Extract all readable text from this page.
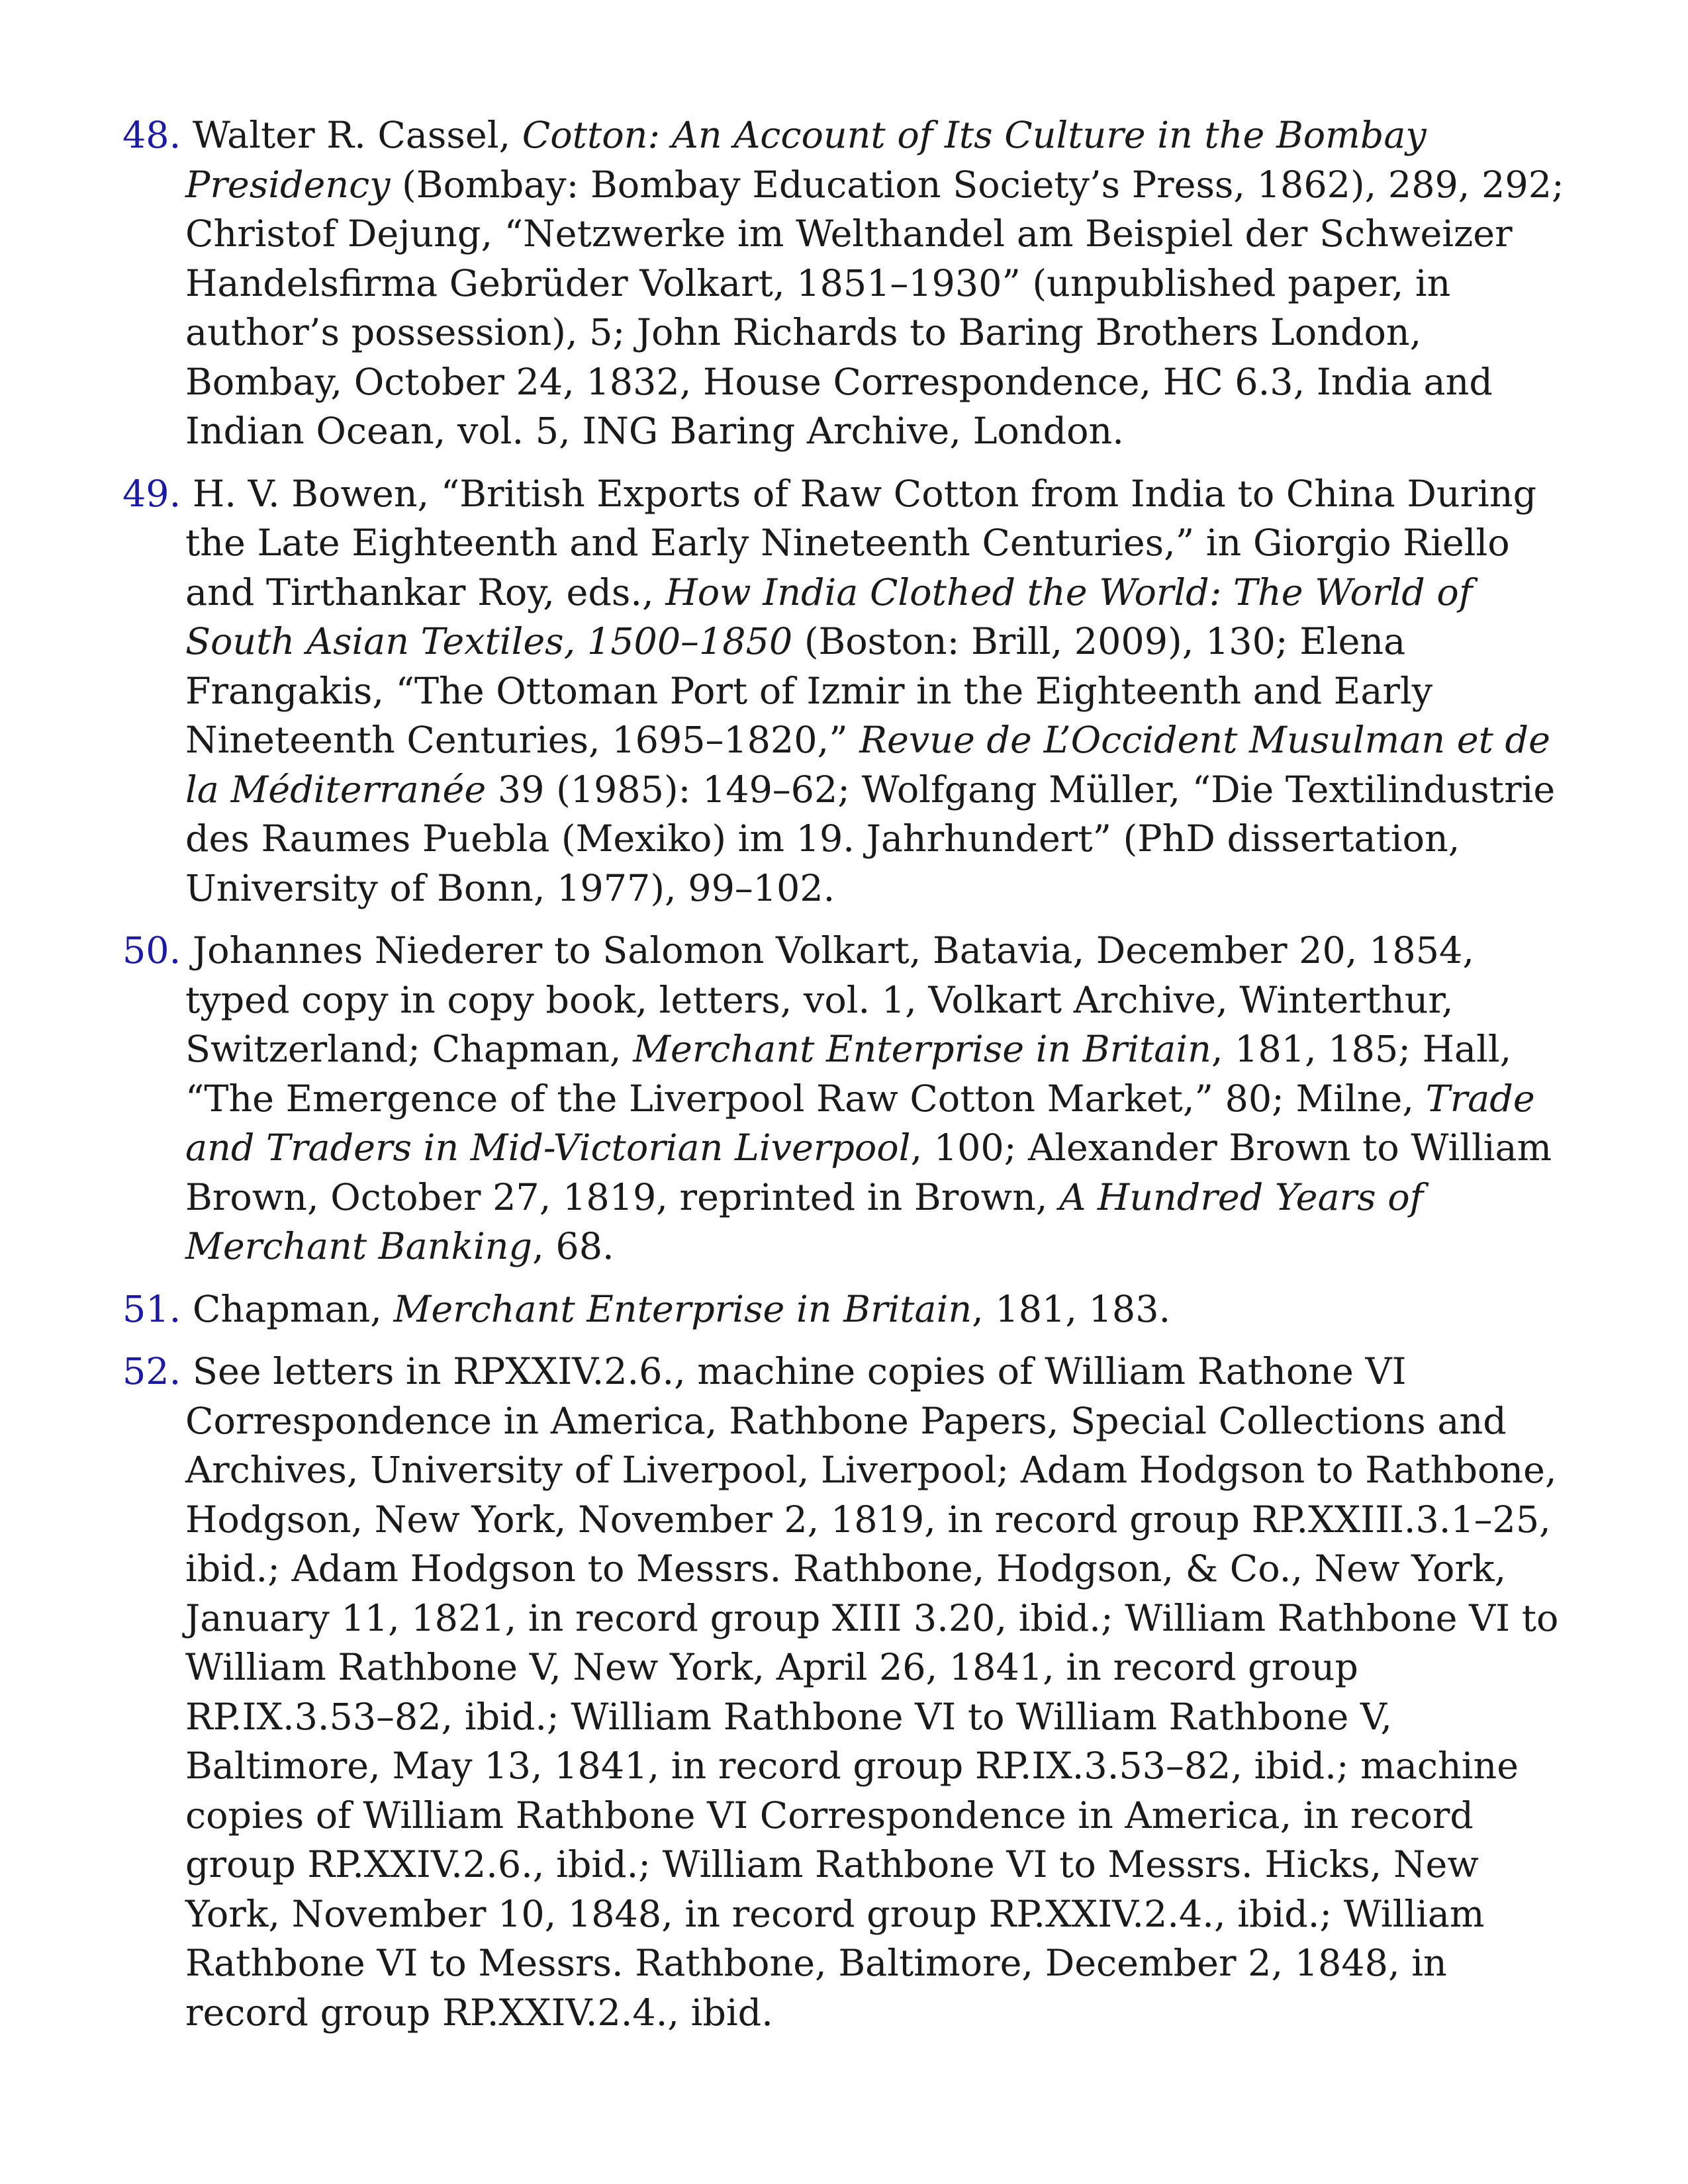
48. Walter R. Cassel, Cotton: An Account of Its Culture in the Bombay Presidency (Bombay: Bombay Education Society’s Press, 1862), 289, 292; Christof Dejung, “Netzwerke im Welthandel am Beispiel der Schweizer Handelsfirma Gebrüder Volkart, 1851–1930” (unpublished paper, in author’s possession), 5; John Richards to Baring Brothers London, Bombay, October 24, 1832, House Correspondence, HC 6.3, India and Indian Ocean, vol. 5, ING Baring Archive, London.
49. H. V. Bowen, “British Exports of Raw Cotton from India to China During the Late Eighteenth and Early Nineteenth Centuries,” in Giorgio Riello and Tirthankar Roy, eds., How India Clothed the World: The World of South Asian Textiles, 1500–1850 (Boston: Brill, 2009), 130; Elena Frangakis, “The Ottoman Port of Izmir in the Eighteenth and Early Nineteenth Centuries, 1695–1820,” Revue de L’Occident Musulman et de la Méditerranée 39 (1985): 149–62; Wolfgang Müller, “Die Textilindustrie des Raumes Puebla (Mexiko) im 19. Jahrhundert” (PhD dissertation, University of Bonn, 1977), 99–102.
50. Johannes Niederer to Salomon Volkart, Batavia, December 20, 1854, typed copy in copy book, letters, vol. 1, Volkart Archive, Winterthur, Switzerland; Chapman, Merchant Enterprise in Britain, 181, 185; Hall, “The Emergence of the Liverpool Raw Cotton Market,” 80; Milne, Trade and Traders in Mid-Victorian Liverpool, 100; Alexander Brown to William Brown, October 27, 1819, reprinted in Brown, A Hundred Years of Merchant Banking, 68.
51. Chapman, Merchant Enterprise in Britain, 181, 183.
52. See letters in RPXXIV.2.6., machine copies of William Rathone VI Correspondence in America, Rathbone Papers, Special Collections and Archives, University of Liverpool, Liverpool; Adam Hodgson to Rathbone, Hodgson, New York, November 2, 1819, in record group RP.XXIII.3.1–25, ibid.; Adam Hodgson to Messrs. Rathbone, Hodgson, & Co., New York, January 11, 1821, in record group XIII 3.20, ibid.; William Rathbone VI to William Rathbone V, New York, April 26, 1841, in record group RP.IX.3.53–82, ibid.; William Rathbone VI to William Rathbone V, Baltimore, May 13, 1841, in record group RP.IX.3.53–82, ibid.; machine copies of William Rathbone VI Correspondence in America, in record group RP.XXIV.2.6., ibid.; William Rathbone VI to Messrs. Hicks, New York, November 10, 1848, in record group RP.XXIV.2.4., ibid.; William Rathbone VI to Messrs. Rathbone, Baltimore, December 2, 1848, in record group RP.XXIV.2.4., ibid.
